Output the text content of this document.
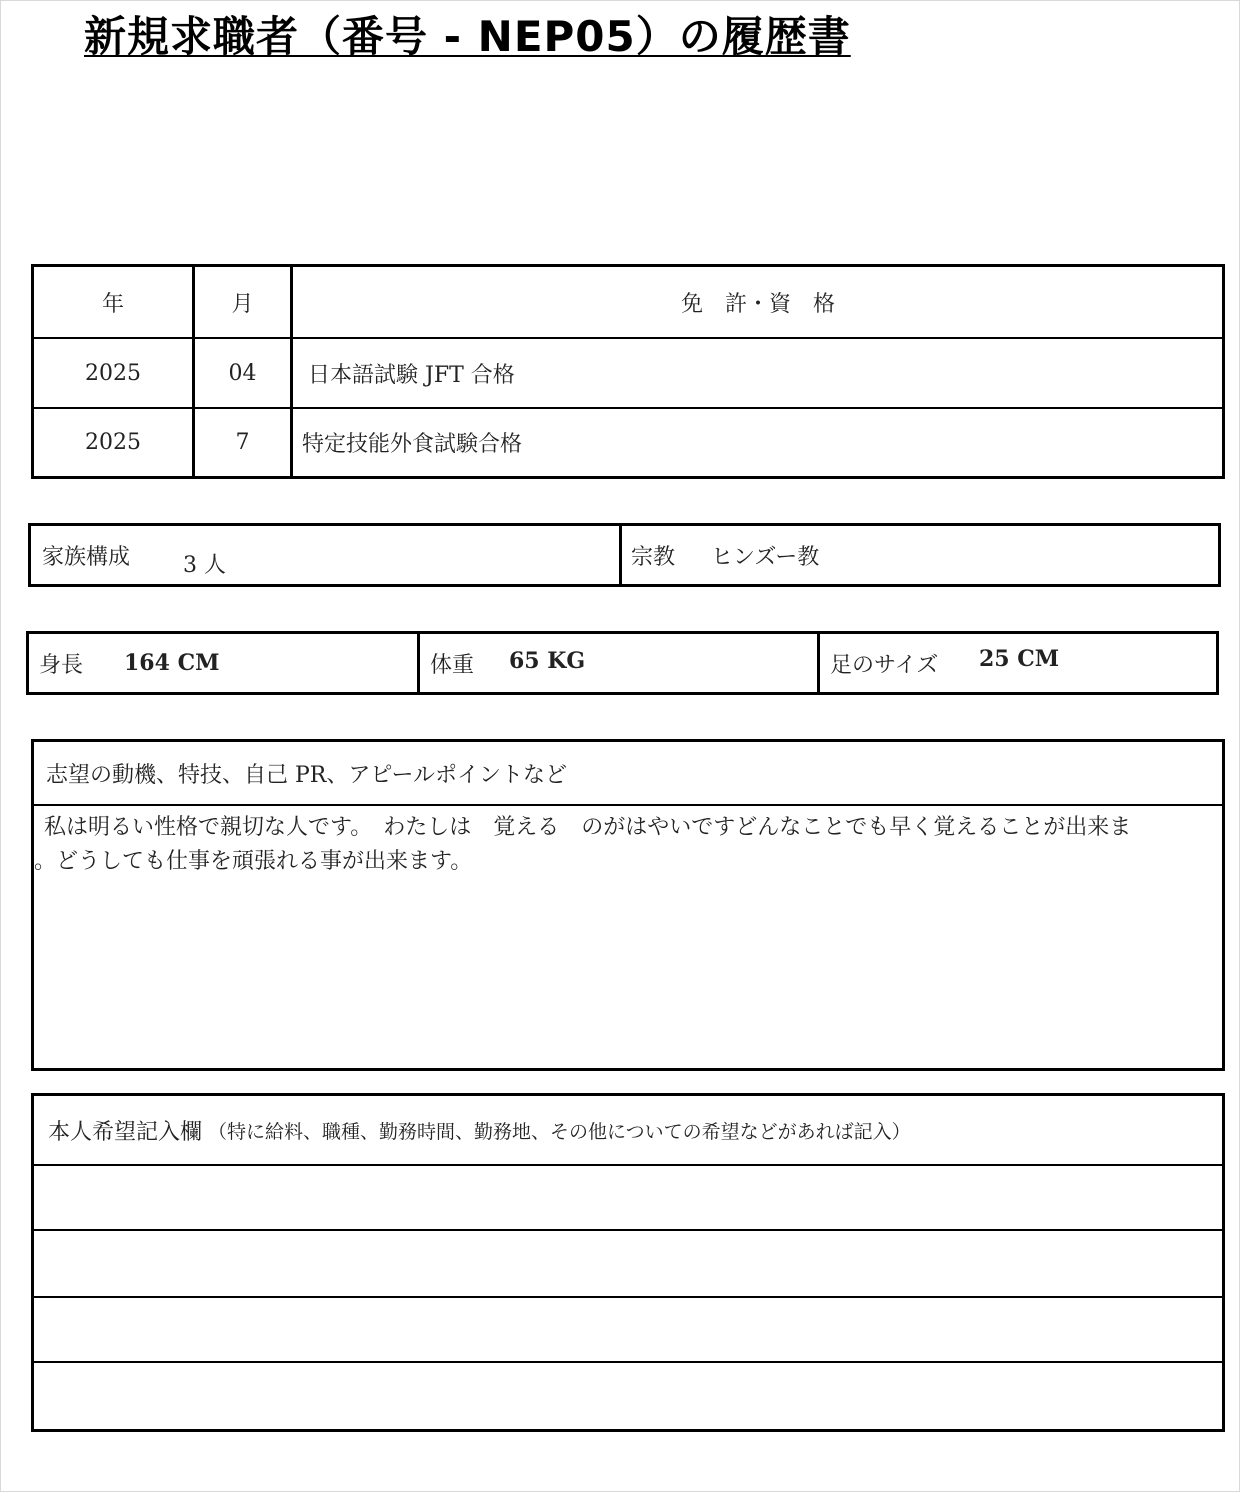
新規求職者（番号 - NEP05）の履歴書
年	月	免　許・資　格
2025	04	日本語試験 JFT 合格
2025	7	特定技能外食試験合格
家族構成 3 人	宗教 ヒンズー教
身長 164 CM	体重 65 KG	足のサイズ 25 CM
志望の動機、特技、自己 PR、アピールポイントなど
私は明るい性格で親切な人です。　わたしは　覚える　のがはやいですどんなことでも早く覚えることが出来ま
。どうしても仕事を頑張れる事が出来ます。
本人希望記入欄 （特に給料、職種、勤務時間、勤務地、その他についての希望などがあれば記入）
